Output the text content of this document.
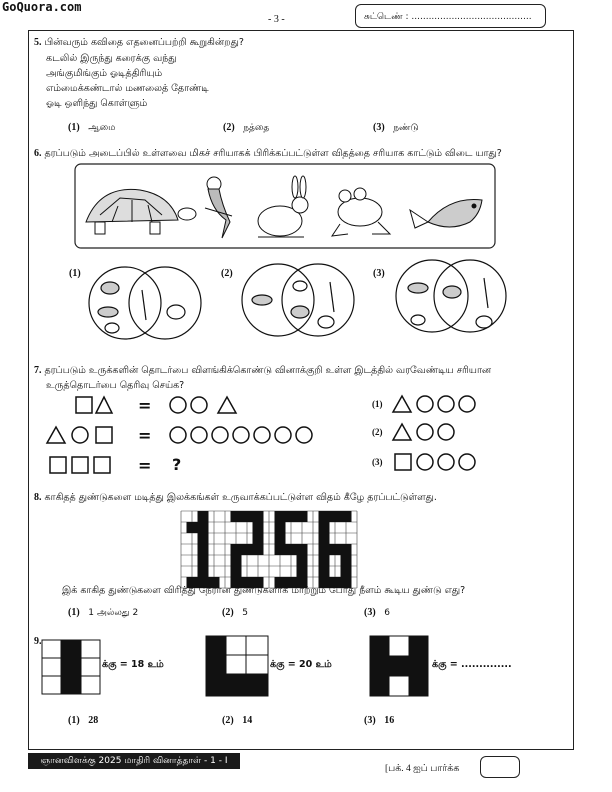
GoQuora.com
- 3 -	சுட்டெண் : ..........................................
5. பின்வரும் கவிதை எதனைப்பற்றி கூறுகின்றது?
கடலில் இருந்து கரைக்கு வந்து
அங்குமிங்கும் ஓடித்திரியும்
எம்மைக்கண்டால் மணலைத் தோண்டி
ஓடி ஒளிந்து கொள்ளும்
(1) ஆமை	(2) நத்தை	(3) நண்டு
6. தரப்படும் அடைப்பில் உள்ளவை மிகச் சரியாகக் பிரிக்கப்பட்டுள்ள விதத்தை சரியாக காட்டும் விடை யாது?
(1)	(2)	(3)
7. தரப்படும் உருக்களின் தொடர்பை விளங்கிக்கொண்டு வினாக்குறி உள்ள இடத்தில் வரவேண்டிய சரியான
உருத்தொடர்பை தெரிவு செய்க?
=
=
= ?
(1)
(2)
(3)
8. காகிதத் துண்டுகளை மடித்து இலக்கங்கள் உருவாக்கப்பட்டுள்ள விதம் கீழே தரப்பட்டுள்ளது.
இக் காகித துண்டுகளை விரித்து நேரான துண்டுகளாக மாற்றும் போது நீளம் கூடிய துண்டு எது?
(1) 1 அல்லது 2	(2) 5	(3) 6
9.
க்கு = 18 உம்	க்கு = 20 உம்	க்கு = ..............
(1) 28	(2) 14	(3) 16
ஞானவிளக்கு 2025 மாதிரி வினாத்தாள் - 1 - I
[பக். 4 ஐப் பார்க்க
